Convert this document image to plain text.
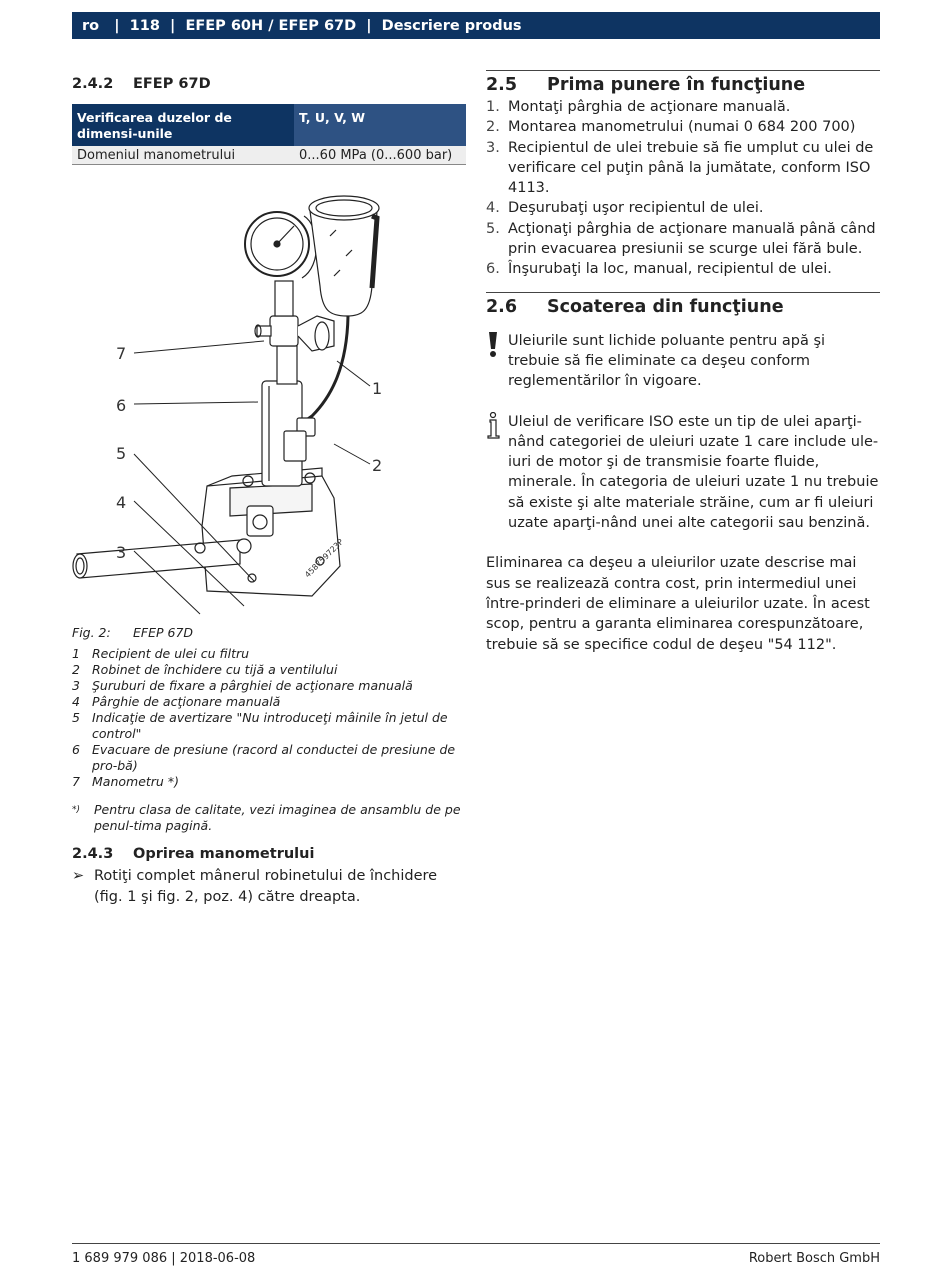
ro | 118 | EFEP 60H / EFEP 67D | Descriere produs
2.4.2	EFEP 67D
Verificarea duzelor de dimensi-unile	T, U, V, W
Domeniul manometrului	0...60 MPa (0...600 bar)
1
2
3
4
5
6
7
458759723P
Fig. 2:	EFEP 67D
1 Recipient de ulei cu filtru
2 Robinet de închidere cu tijă a ventilului
3 Şuruburi de fixare a pârghiei de acţionare manuală
4 Pârghie de acţionare manuală
5 Indicaţie de avertizare "Nu introduceţi mâinile în jetul de control"
6 Evacuare de presiune (racord al conductei de presiune de pro-bă)
7 Manometru *)
*)	Pentru clasa de calitate, vezi imaginea de ansamblu de pe penul-tima pagină.
2.4.3	Oprirea manometrului
➢ Rotiţi complet mânerul robinetului de închidere (fig. 1 şi fig. 2, poz. 4) către dreapta.
2.5	Prima punere în funcţiune
1. Montaţi pârghia de acţionare manuală.
2. Montarea manometrului (numai 0 684 200 700)
3. Recipientul de ulei trebuie să fie umplut cu ulei de verificare cel puţin până la jumătate, conform ISO 4113.
4. Deşurubaţi uşor recipientul de ulei.
5. Acţionaţi pârghia de acţionare manuală până când prin evacuarea presiunii se scurge ulei fără bule.
6. Înşurubaţi la loc, manual, recipientul de ulei.
2.6	Scoaterea din funcţiune
Uleiurile sunt lichide poluante pentru apă şi trebuie să fie eliminate ca deşeu conform reglementărilor în vigoare.
Uleiul de verificare ISO este un tip de ulei aparţi-nând categoriei de uleiuri uzate 1 care include ule-iuri de motor şi de transmisie foarte fluide, minerale. În categoria de uleiuri uzate 1 nu trebuie să existe şi alte materiale străine, cum ar fi uleiuri uzate aparţi-nând unei alte categorii sau benzină.
Eliminarea ca deşeu a uleiurilor uzate descrise mai sus se realizează contra cost, prin intermediul unei între-prinderi de eliminare a uleiurilor uzate. În acest scop, pentru a garanta eliminarea corespunzătoare, trebuie să se specifice codul de deşeu "54 112".
1 689 979 086 | 2018-06-08	Robert Bosch GmbH
